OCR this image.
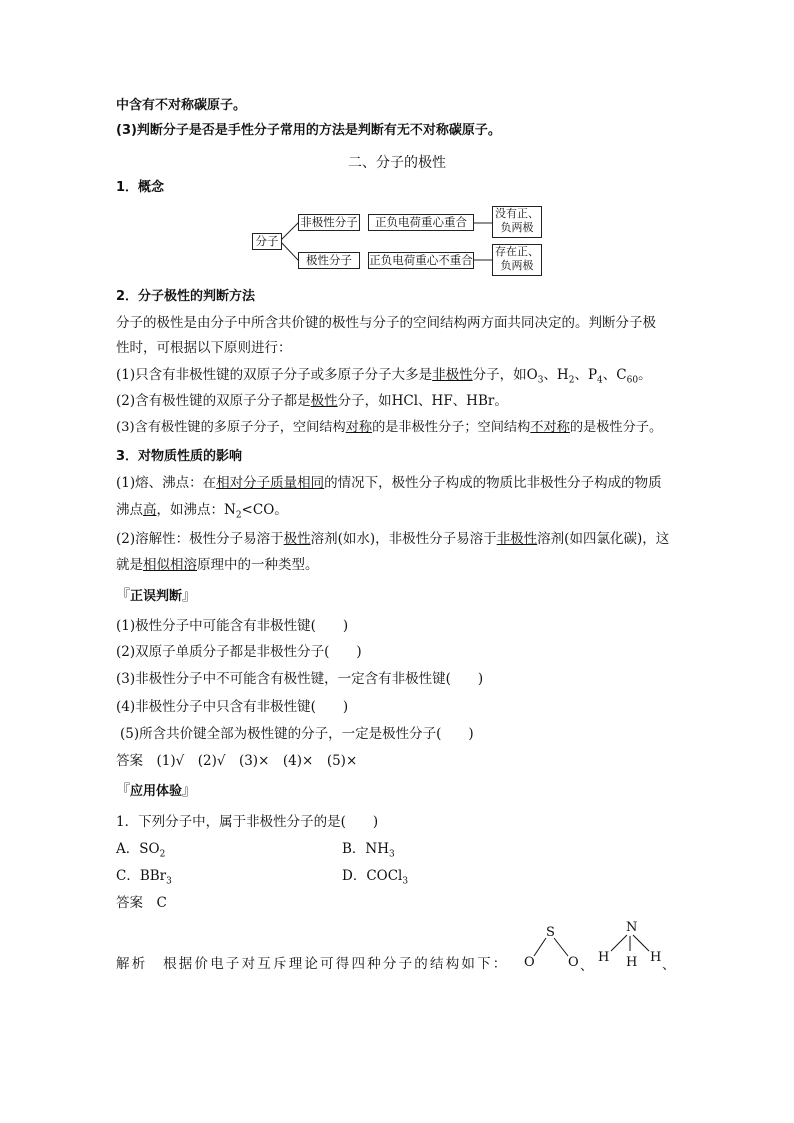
中含有不对称碳原子。
(3)判断分子是否是手性分子常用的方法是判断有无不对称碳原子。
二、分子的极性
1．概念
分子
非极性分子	正负电荷重心重合
没有正、
负两极
极性分子	正负电荷重心不重合
存在正、
负两极
2．分子极性的判断方法
分子的极性是由分子中所含共价键的极性与分子的空间结构两方面共同决定的。判断分子极
性时，可根据以下原则进行：
(1)只含有非极性键的双原子分子或多原子分子大多是非极性分子，如$O_3$、$H_2$、$P_4$、$C_{60}$。
(2)含有极性键的双原子分子都是极性分子，如HCl、HF、HBr。
(3)含有极性键的多原子分子，空间结构对称的是非极性分子；空间结构不对称的是极性分子。
3．对物质性质的影响
(1)熔、沸点：在相对分子质量相同的情况下，极性分子构成的物质比非极性分子构成的物质
沸点高，如沸点：$N_2<CO$。
(2)溶解性：极性分子易溶于极性溶剂(如水)，非极性分子易溶于非极性溶剂(如四氯化碳)，这
就是相似相溶原理中的一种类型。
『正误判断』
(1)极性分子中可能含有非极性键(　　)
(2)双原子单质分子都是非极性分子(　　)
(3)非极性分子中不可能含有极性键，一定含有非极性键(　　)
(4)非极性分子中只含有非极性键(　　)
(5)所含共价键全部为极性键的分子，一定是极性分子(　　)
答案　(1)√　(2)√　(3)×　(4)×　(5)×
『应用体验』
1．下列分子中，属于非极性分子的是(　　)
A．$SO_2$	B．$NH_3$
C．BBr$_3$	D．COCl$_3$
答案　C
解析　根据价电子对互斥理论可得四种分子的结构如下：
S
O	O 、
N
H H H
、
